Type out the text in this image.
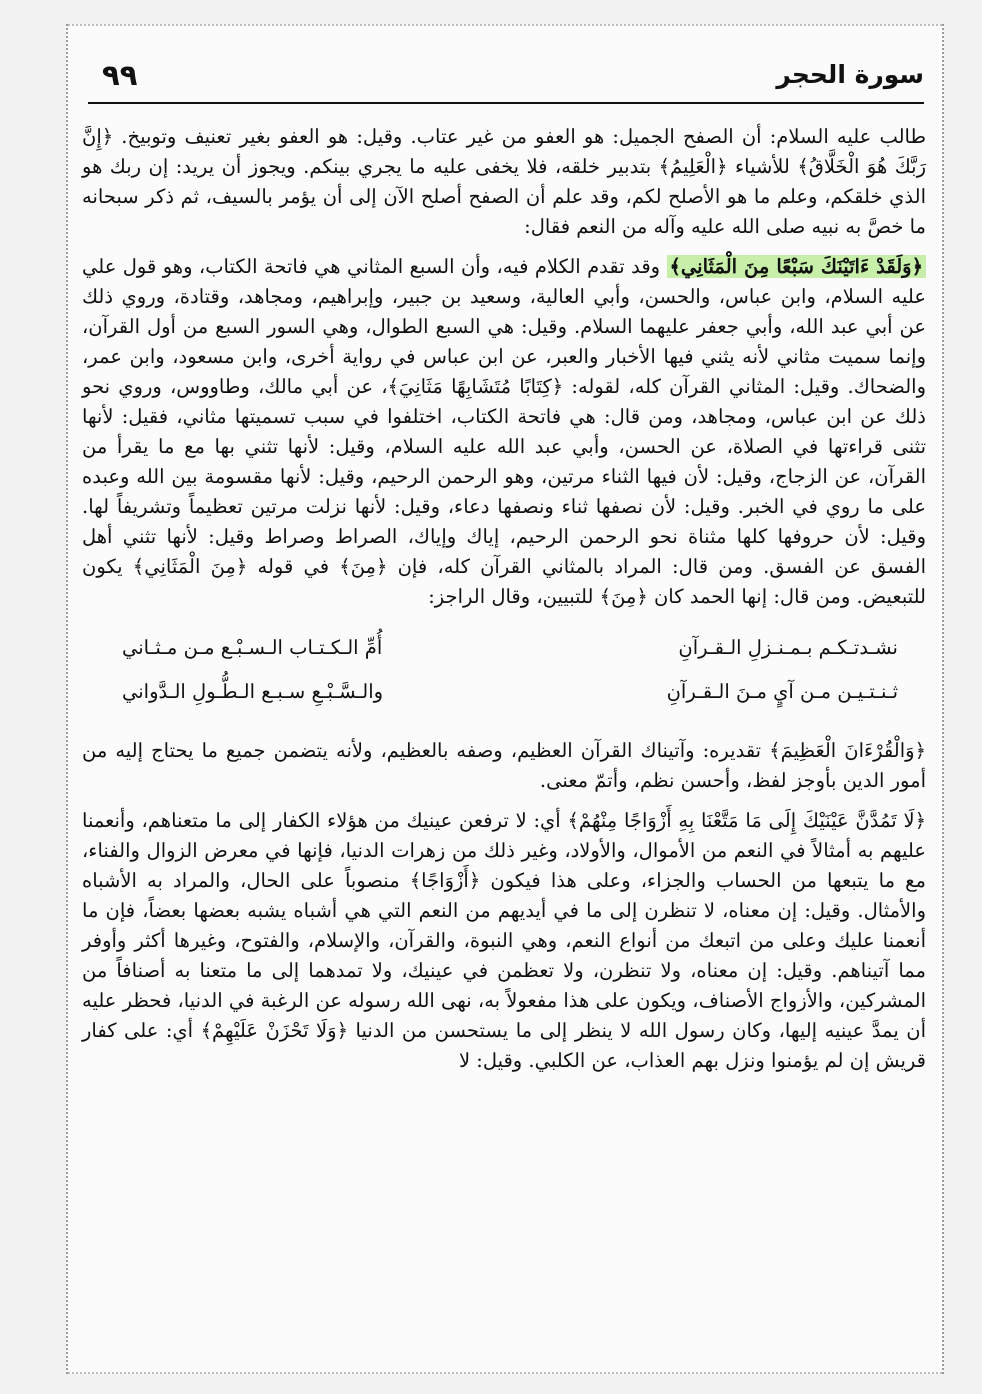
سورة الحجر
٩٩

طالب عليه السلام: أن الصفح الجميل: هو العفو من غير عتاب. وقيل: هو العفو بغير تعنيف وتوبيخ. ﴿إِنَّ رَبَّكَ هُوَ الْخَلَّاقُ﴾ للأشياء ﴿الْعَلِيمُ﴾ بتدبير خلقه، فلا يخفى عليه ما يجري بينكم. ويجوز أن يريد: إن ربك هو الذي خلقكم، وعلم ما هو الأصلح لكم، وقد علم أن الصفح أصلح الآن إلى أن يؤمر بالسيف، ثم ذكر سبحانه ما خصَّ به نبيه صلى الله عليه وآله من النعم فقال:

﴿وَلَقَدْ ءَاتَيْنَكَ سَبْعًا مِنَ الْمَثَانِي﴾ وقد تقدم الكلام فيه، وأن السبع المثاني هي فاتحة الكتاب، وهو قول علي عليه السلام، وابن عباس، والحسن، وأبي العالية، وسعيد بن جبير، وإبراهيم، ومجاهد، وقتادة، وروي ذلك عن أبي عبد الله، وأبي جعفر عليهما السلام. وقيل: هي السبع الطوال، وهي السور السبع من أول القرآن، وإنما سميت مثاني لأنه يثني فيها الأخبار والعبر، عن ابن عباس في رواية أخرى، وابن مسعود، وابن عمر، والضحاك. وقيل: المثاني القرآن كله، لقوله: ﴿كِتَابًا مُتَشَابِهًا مَثَانِيَ﴾، عن أبي مالك، وطاووس، وروي نحو ذلك عن ابن عباس، ومجاهد، ومن قال: هي فاتحة الكتاب، اختلفوا في سبب تسميتها مثاني، فقيل: لأنها تثنى قراءتها في الصلاة، عن الحسن، وأبي عبد الله عليه السلام، وقيل: لأنها تثني بها مع ما يقرأ من القرآن، عن الزجاج، وقيل: لأن فيها الثناء مرتين، وهو الرحمن الرحيم، وقيل: لأنها مقسومة بين الله وعبده على ما روي في الخبر. وقيل: لأن نصفها ثناء ونصفها دعاء، وقيل: لأنها نزلت مرتين تعظيماً وتشريفاً لها. وقيل: لأن حروفها كلها مثناة نحو الرحمن الرحيم، إياك وإياك، الصراط وصراط وقيل: لأنها تثني أهل الفسق عن الفسق. ومن قال: المراد بالمثاني القرآن كله، فإن ﴿مِنَ﴾ في قوله ﴿مِنَ الْمَثَانِي﴾ يكون للتبعيض. ومن قال: إنها الحمد كان ﴿مِنَ﴾ للتبيين، وقال الراجز:

نشـدتـكـم بـمـنـزلِ الـقـرآنِ
أُمِّ الـكـتـاب الـسـبْـع مـن مـثـاني
ثـنـتـيـن مـن آيٍ مـنَ الـقـرآنِ
والـسَّـبْـعِ سـبـع الـطُّـولِ الـدَّواني

﴿وَالْقُرْءَانَ الْعَظِيمَ﴾ تقديره: وآتيناك القرآن العظيم، وصفه بالعظيم، ولأنه يتضمن جميع ما يحتاج إليه من أمور الدين بأوجز لفظ، وأحسن نظم، وأتمّ معنى.

﴿لَا تَمُدَّنَّ عَيْنَيْكَ إِلَى مَا مَتَّعْنَا بِهِ أَزْوَاجًا مِنْهُمْ﴾ أي: لا ترفعن عينيك من هؤلاء الكفار إلى ما متعناهم، وأنعمنا عليهم به أمثالاً في النعم من الأموال، والأولاد، وغير ذلك من زهرات الدنيا، فإنها في معرض الزوال والفناء، مع ما يتبعها من الحساب والجزاء، وعلى هذا فيكون ﴿أَزْوَاجًا﴾ منصوباً على الحال، والمراد به الأشباه والأمثال. وقيل: إن معناه، لا تنظرن إلى ما في أيديهم من النعم التي هي أشباه يشبه بعضها بعضاً، فإن ما أنعمنا عليك وعلى من اتبعك من أنواع النعم، وهي النبوة، والقرآن، والإسلام، والفتوح، وغيرها أكثر وأوفر مما آتيناهم. وقيل: إن معناه، ولا تنظرن، ولا تعظمن في عينيك، ولا تمدهما إلى ما متعنا به أصنافاً من المشركين، والأزواج الأصناف، ويكون على هذا مفعولاً به، نهى الله رسوله عن الرغبة في الدنيا، فحظر عليه أن يمدَّ عينيه إليها، وكان رسول الله لا ينظر إلى ما يستحسن من الدنيا ﴿وَلَا تَحْزَنْ عَلَيْهِمْ﴾ أي: على كفار قريش إن لم يؤمنوا ونزل بهم العذاب، عن الكلبي. وقيل: لا
